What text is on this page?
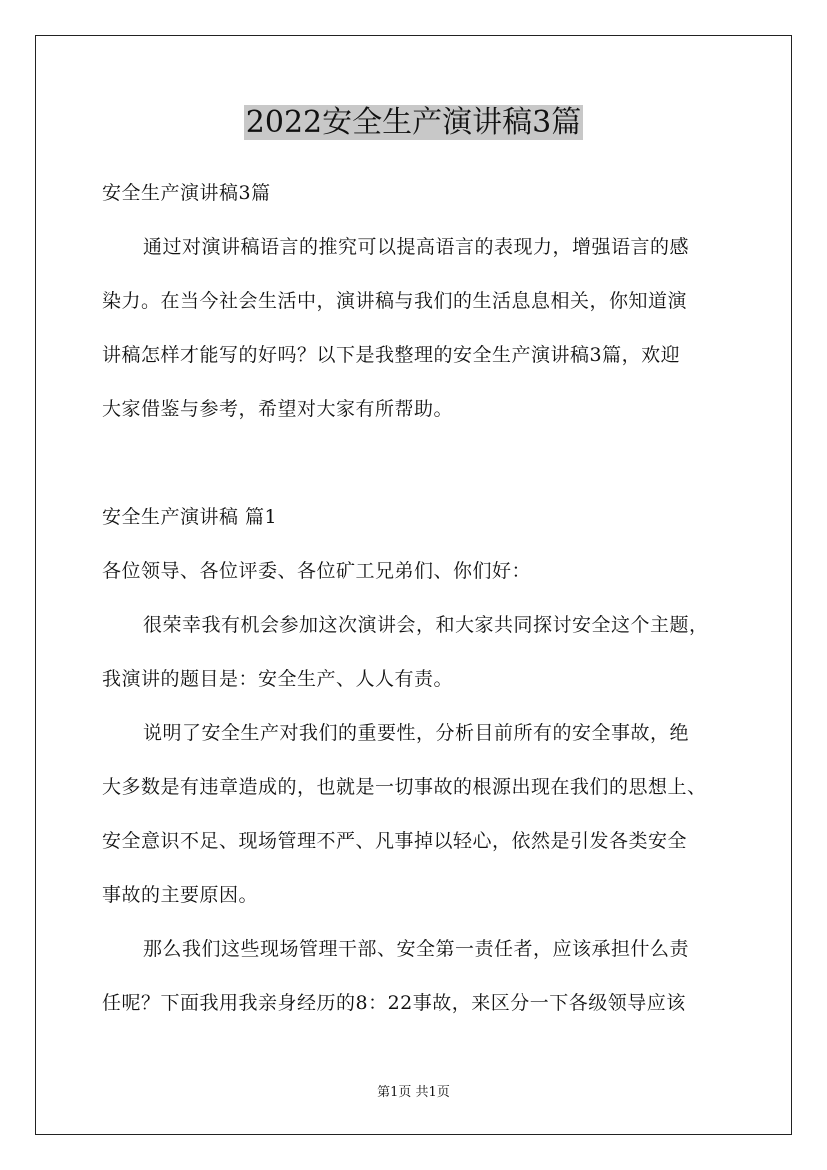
2022安全生产演讲稿3篇
安全生产演讲稿3篇
通过对演讲稿语言的推究可以提高语言的表现力，增强语言的感
染力。在当今社会生活中，演讲稿与我们的生活息息相关，你知道演
讲稿怎样才能写的好吗？以下是我整理的安全生产演讲稿3篇，欢迎
大家借鉴与参考，希望对大家有所帮助。
安全生产演讲稿 篇1
各位领导、各位评委、各位矿工兄弟们、你们好：
很荣幸我有机会参加这次演讲会，和大家共同探讨安全这个主题，
我演讲的题目是：安全生产、人人有责。
说明了安全生产对我们的重要性，分析目前所有的安全事故，绝
大多数是有违章造成的，也就是一切事故的根源出现在我们的思想上、
安全意识不足、现场管理不严、凡事掉以轻心，依然是引发各类安全
事故的主要原因。
那么我们这些现场管理干部、安全第一责任者，应该承担什么责
任呢？下面我用我亲身经历的8：22事故，来区分一下各级领导应该
第1页 共1页
